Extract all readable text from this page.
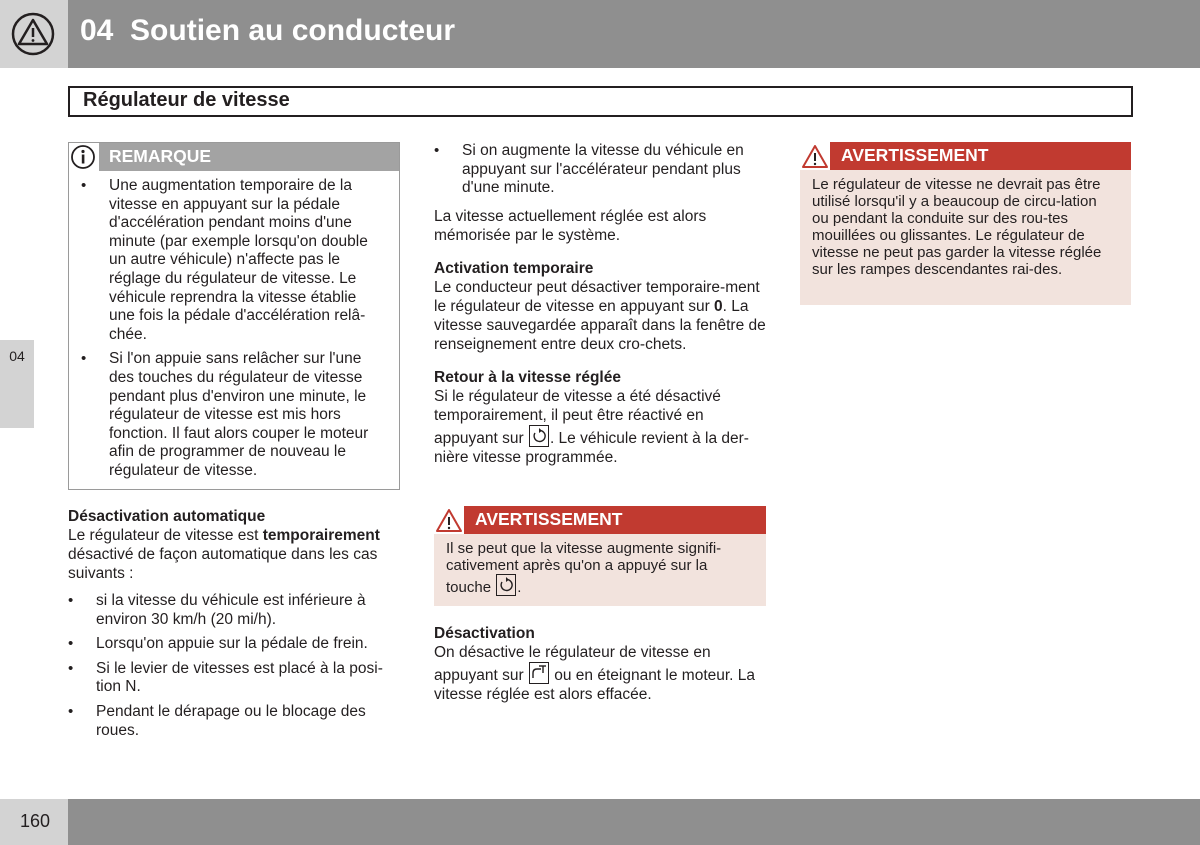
04  Soutien au conducteur
Régulateur de vitesse
04
REMARQUE
• Une augmentation temporaire de la vitesse en appuyant sur la pédale d'accélération pendant moins d'une minute (par exemple lorsqu'on double un autre véhicule) n'affecte pas le réglage du régulateur de vitesse. Le véhicule reprendra la vitesse établie une fois la pédale d'accélération relâ-chée.
• Si l'on appuie sans relâcher sur l'une des touches du régulateur de vitesse pendant plus d'environ une minute, le régulateur de vitesse est mis hors fonction. Il faut alors couper le moteur afin de programmer de nouveau le régulateur de vitesse.
Désactivation automatique
Le régulateur de vitesse est temporairement désactivé de façon automatique dans les cas suivants :
• si la vitesse du véhicule est inférieure à environ 30 km/h (20 mi/h).
• Lorsqu'on appuie sur la pédale de frein.
• Si le levier de vitesses est placé à la posi-tion N.
• Pendant le dérapage ou le blocage des roues.
• Si on augmente la vitesse du véhicule en appuyant sur l'accélérateur pendant plus d'une minute.
La vitesse actuellement réglée est alors mémorisée par le système.
Activation temporaire
Le conducteur peut désactiver temporaire-ment le régulateur de vitesse en appuyant sur 0. La vitesse sauvegardée apparaît dans la fenêtre de renseignement entre deux cro-chets.
Retour à la vitesse réglée
Si le régulateur de vitesse a été désactivé temporairement, il peut être réactivé en appuyant sur
. Le véhicule revient à la der-nière vitesse programmée.
AVERTISSEMENT
Il se peut que la vitesse augmente signifi-cativement après qu'on a appuyé sur la touche
.
Désactivation
On désactive le régulateur de vitesse en appuyant sur
ou en éteignant le moteur. La vitesse réglée est alors effacée.
AVERTISSEMENT
Le régulateur de vitesse ne devrait pas être utilisé lorsqu'il y a beaucoup de circu-lation ou pendant la conduite sur des rou-tes mouillées ou glissantes. Le régulateur de vitesse ne peut pas garder la vitesse réglée sur les rampes descendantes rai-des.
160
